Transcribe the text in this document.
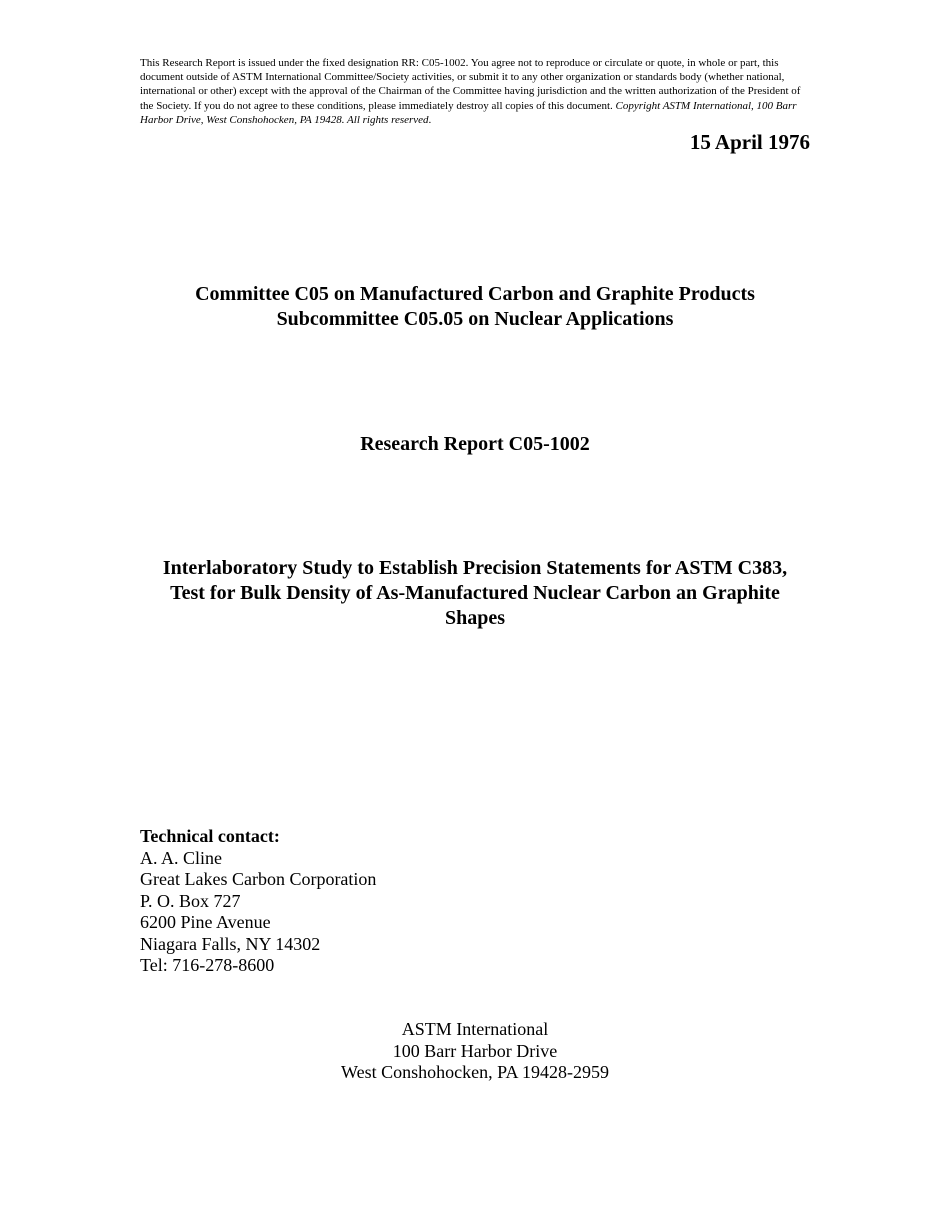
This Research Report is issued under the fixed designation RR: C05-1002. You agree not to reproduce or circulate or quote, in whole or part, this document outside of ASTM International Committee/Society activities, or submit it to any other organization or standards body (whether national, international or other) except with the approval of the Chairman of the Committee having jurisdiction and the written authorization of the President of the Society. If you do not agree to these conditions, please immediately destroy all copies of this document. Copyright ASTM International, 100 Barr Harbor Drive, West Conshohocken, PA 19428. All rights reserved.
15 April 1976
Committee C05 on Manufactured Carbon and Graphite Products
Subcommittee C05.05 on Nuclear Applications
Research Report C05-1002
Interlaboratory Study to Establish Precision Statements for ASTM C383, Test for Bulk Density of As-Manufactured Nuclear Carbon an Graphite Shapes
Technical contact:
A. A. Cline
Great Lakes Carbon Corporation
P. O. Box 727
6200 Pine Avenue
Niagara Falls, NY 14302
Tel: 716-278-8600
ASTM International
100 Barr Harbor Drive
West Conshohocken, PA 19428-2959
